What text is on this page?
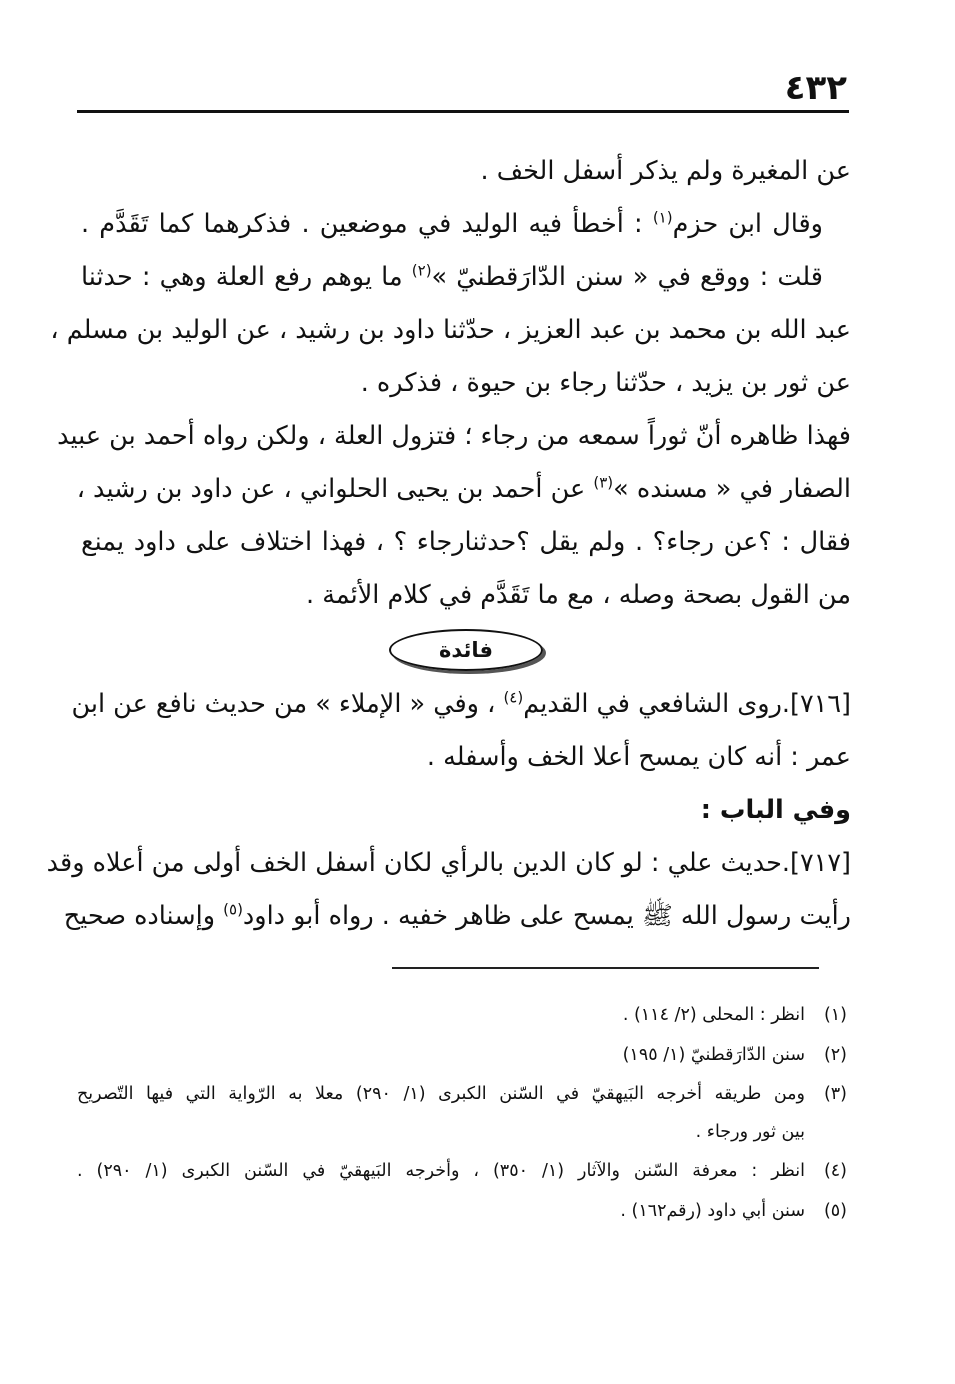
٤٣٢
عن المغيرة ولم يذكر أسفل الخف .
وقال ابن حزم$^{(١)}$ : أخطأ فيه الوليد في موضعين . فذكرهما كما تَقَدَّم .
قلت : ووقع في « سنن الدّارَقطنيّ »$^{(٢)}$ ما يوهم رفع العلة وهي : حدثنا
عبد الله بن محمد بن عبد العزيز ، حدّثنا داود بن رشيد ، عن الوليد بن مسلم ،
عن ثور بن يزيد ، حدّثنا رجاء بن حيوة ، فذكره .
فهذا ظاهره أنّ ثوراً سمعه من رجاء ؛ فتزول العلة ، ولكن رواه أحمد بن عبيد
الصفار في « مسنده »$^{(٣)}$ عن أحمد بن يحيى الحلواني ، عن داود بن رشيد ،
فقال : ؟عن رجاء؟ . ولم يقل ؟حدثنارجاء ؟ ، فهذا اختلاف على داود يمنع
من القول بصحة وصله ، مع ما تَقَدَّم في كلام الأئمة .
فائدة
[٧١٦].روى الشافعي في القديم$^{(٤)}$ ، وفي « الإملاء » من حديث نافع عن ابن
عمر : أنه كان يمسح أعلا الخف وأسفله .
وفي الباب :
[٧١٧].حديث علي : لو كان الدين بالرأي لكان أسفل الخف أولى من أعلاه وقد
رأيت رسول الله ﷺ يمسح على ظاهر خفيه . رواه أبو داود$^{(٥)}$ وإسناده صحيح
(١)
انظر : المحلى (٢/ ١١٤) .
(٢)
سنن الدّارَقطنيّ (١/ ١٩٥)
(٣)
ومن طريقه أخرجه البَيهقيّ في السّنن الكبرى (١/ ٢٩٠) معلا به الرّواية التي فيها التّصريح
بين ثور ورجاء .
(٤)
انظر : معرفة السّنن والآثار (١/ ٣٥٠) ، وأخرجه البَيهقيّ في السّنن الكبرى (١/ ٢٩٠) .
(٥)
سنن أبي داود (رقم١٦٢) .
